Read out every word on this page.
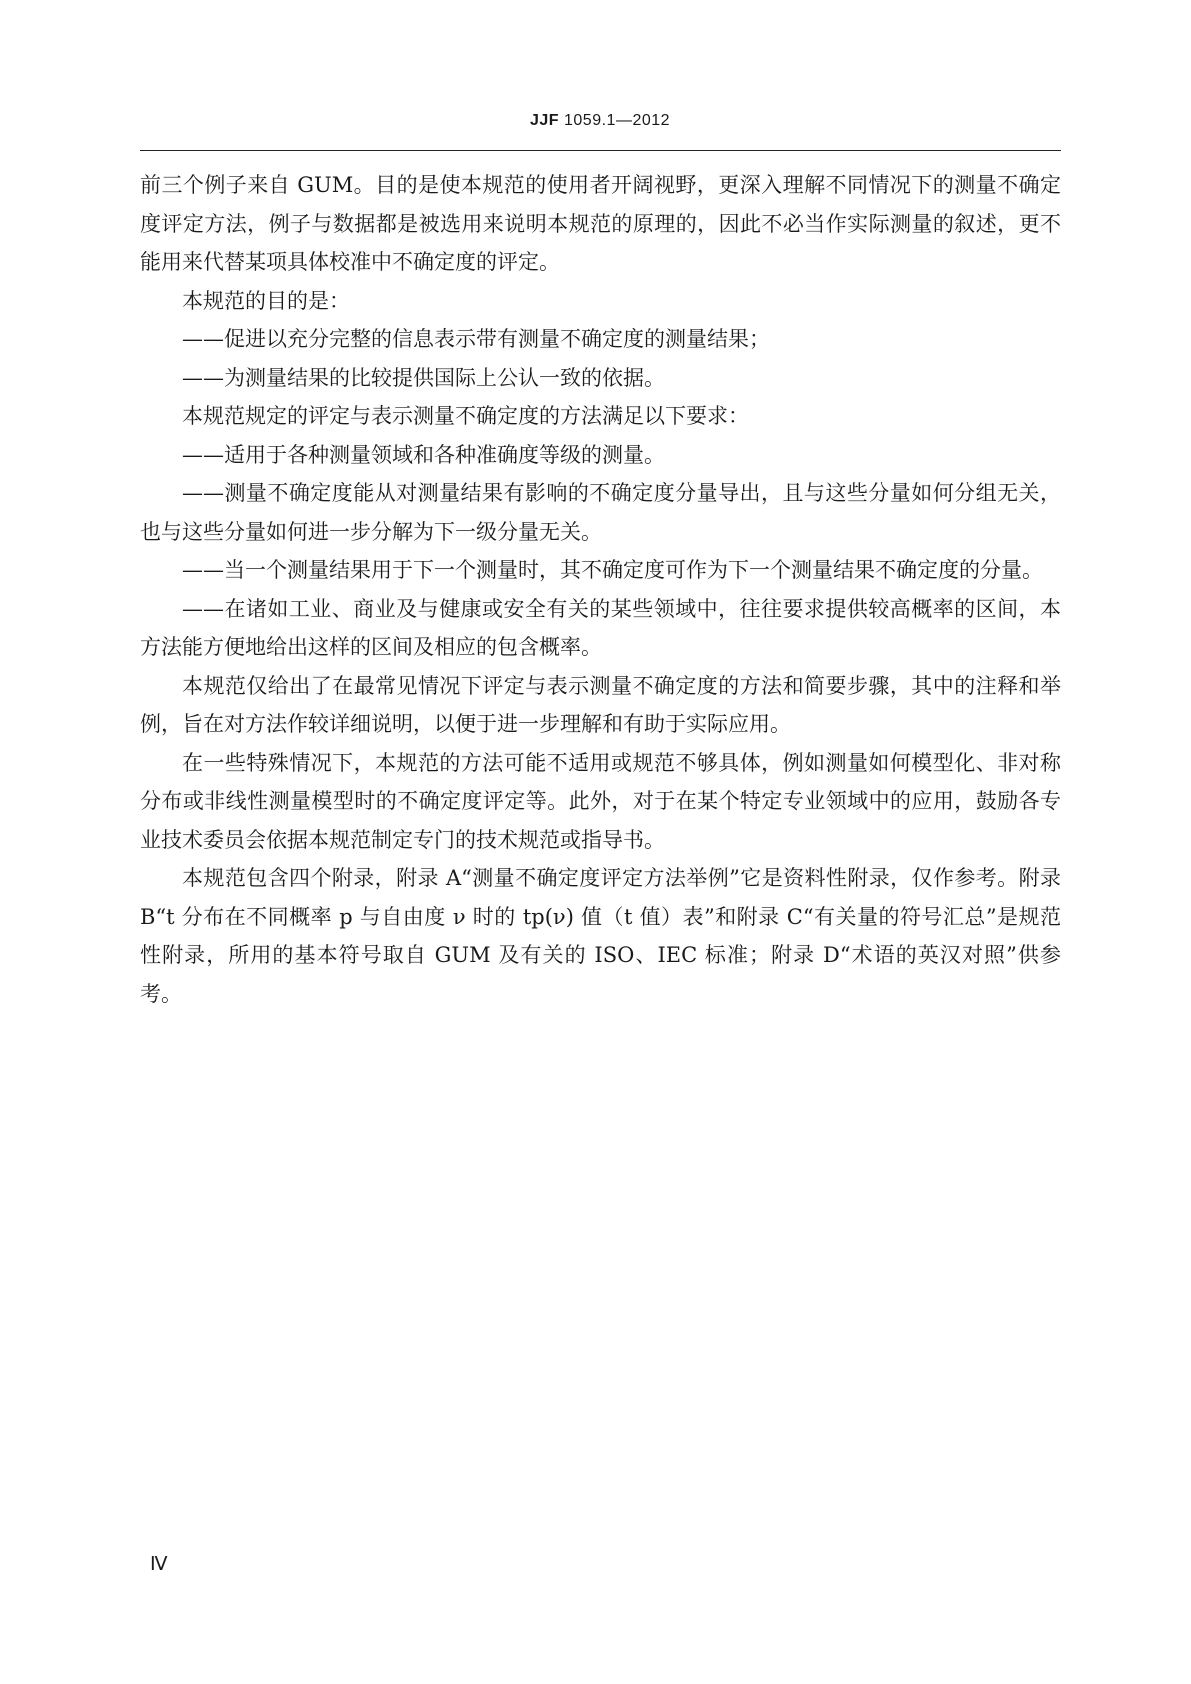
JJF 1059.1—2012

前三个例子来自 GUM。目的是使本规范的使用者开阔视野，更深入理解不同情况下的测量不确定度评定方法，例子与数据都是被选用来说明本规范的原理的，因此不必当作实际测量的叙述，更不能用来代替某项具体校准中不确定度的评定。

本规范的目的是：

——促进以充分完整的信息表示带有测量不确定度的测量结果；

——为测量结果的比较提供国际上公认一致的依据。

本规范规定的评定与表示测量不确定度的方法满足以下要求：

——适用于各种测量领域和各种准确度等级的测量。

——测量不确定度能从对测量结果有影响的不确定度分量导出，且与这些分量如何分组无关，也与这些分量如何进一步分解为下一级分量无关。

——当一个测量结果用于下一个测量时，其不确定度可作为下一个测量结果不确定度的分量。

——在诸如工业、商业及与健康或安全有关的某些领域中，往往要求提供较高概率的区间，本方法能方便地给出这样的区间及相应的包含概率。

本规范仅给出了在最常见情况下评定与表示测量不确定度的方法和简要步骤，其中的注释和举例，旨在对方法作较详细说明，以便于进一步理解和有助于实际应用。

在一些特殊情况下，本规范的方法可能不适用或规范不够具体，例如测量如何模型化、非对称分布或非线性测量模型时的不确定度评定等。此外，对于在某个特定专业领域中的应用，鼓励各专业技术委员会依据本规范制定专门的技术规范或指导书。

本规范包含四个附录，附录 A“测量不确定度评定方法举例”它是资料性附录，仅作参考。附录 B“t 分布在不同概率 p 与自由度 ν 时的 tp(ν) 值（t 值）表”和附录 C“有关量的符号汇总”是规范性附录，所用的基本符号取自 GUM 及有关的 ISO、IEC 标准；附录 D“术语的英汉对照”供参考。

Ⅳ
